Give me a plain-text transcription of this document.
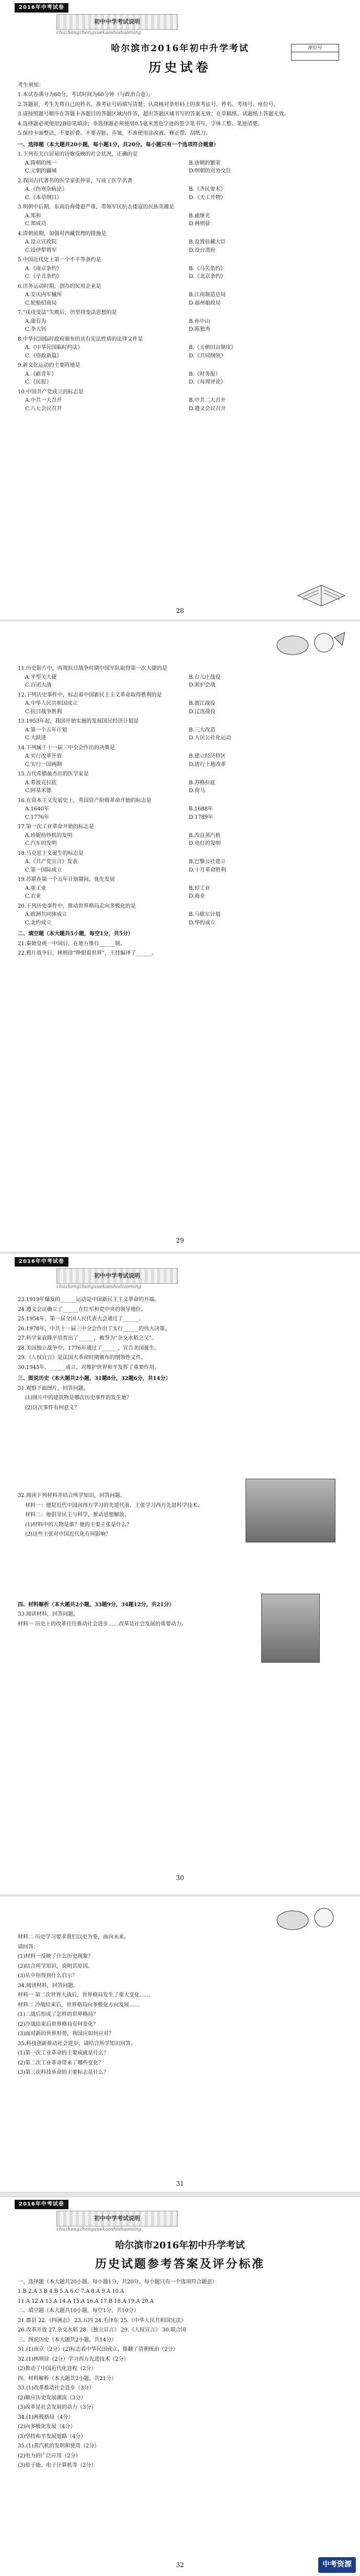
2016年中考试卷
初中中学考试说明
chuzhongzhongxuekaoshishuoming
座位号
哈尔滨市2016年初中升学考试
历史试卷

考生须知：

1.本试卷满分为60分，考试时间为60分钟（与政治合卷）。

2.答题前，考生先将自己的姓名、准考证号码填写清楚；认真核对条形码上的准考证号、姓名、考场号、座位号。

3.请按照题号顺序在答题卡各题目的答题区域内作答，超出答题区域书写的答案无效；在草稿纸、试题纸上答题无效。

4.选择题必须使用2B铅笔填涂；非选择题必须使用0.5毫米黑色字迹的签字笔书写，字体工整、笔迹清楚。

5.保持卡面整洁，不要折叠、不要弄脏、弄皱，不准使用涂改液、修正带、刮纸刀。

一、选择题（本大题共20小题，每小题1分，共20分。每小题只有一个选项符合题意）
1.下列有关白居易的诗歌反映的社会状况，正确的是
A.隋朝的统一	B.唐朝的繁荣
C.元朝的疆域	D.明朝的对外交往
2.我国古代著名的医学家张仲景，写成了医学名著
A.《伤寒杂病论》	B.《齐民要术》
C.《本草纲目》	D.《天工开物》
3.明朝中后期，东南沿海倭患严重，带领军民抗击倭寇的民族英雄是
A.郑和	B.戚继光
C.郑成功	D.林则徐
4.清朝前期，加强对西藏管理的措施是
A.设立宣政院	B.设置驻藏大臣
C.设伊犁将军	D.设台湾府
5.中国近代史上第一个不平等条约是
A.《南京条约》	B.《马关条约》
C.《辛丑条约》	D.《北京条约》
6.洋务运动时期，创办的民用企业是
A.安庆内军械所	B.江南制造总局
C.轮船招商局	D.福州船政局
7.“戊戌变法”失败后，仍坚持变法思想的是
A.康有为	B.孙中山
C.李大钊	D.陈独秀
8.中华民国临时政府颁布的具有宪法性质的法律文件是
A.《中华民国临时约法》	B.《天朝田亩制度》
C.《资政新篇》	D.《共同纲领》
9.新文化运动的主要阵地是
A.《新青年》	B.《时务报》
C.《民报》	D.《每周评论》
10.中国共产党成立的标志是
A.中共一大召开	B.中共二大召开
C.八七会议召开	D.遵义会议召开
28
11.历史影片中，再现抗日战争时期中国军队取得第一次大捷的是
A.平型关大捷	B.台儿庄战役
C.百团大战	D.淞沪会战
12.下列历史事件中，标志着中国新民主主义革命取得胜利的是
A.中华人民共和国成立	B.渡江战役
C.抗日战争胜利	D.辽沈战役
13.1953年起，我国开始实施的发展国民经济计划是
A.第一个五年计划	B.三大改造
C.大跃进	D.人民公社化运动
14.下列属于十一届三中全会作出的决策是
A.实行改革开放	B.建立经济特区
C.实行一国两制	D.进行土地改革
15.古代希腊最杰出的医学家是
A.希波克拉底	B.苏格拉底
C.阿基米德	D.荷马
16.在资本主义发展史上，英国资产阶级革命开始的标志是
A.1640年	B.1688年
C.1776年	D.1789年
17.第一次工业革命开始的标志是
A.珍妮纺纱机的发明	B.改良蒸汽机
C.汽车的发明	D.电灯的发明
18.马克思主义诞生的标志是
A.《共产党宣言》发表	B.巴黎公社建立
C.第一国际成立	D.十月革命胜利
19.苏联在第一个五年计划期间，优先发展
A.重工业	B.轻工业
C.农业	D.商业
20.下列历史事件中，推动世界格局走向多极化的是
A.欧洲共同体成立	B.马歇尔计划
C.北约成立	D.华约成立
二、填空题（本大题共5小题，每空1分，共5分）

21.秦始皇统一中国后，在地方推行______制。

22.鸦片战争后，林则徐“睁眼看世界”，主持编译了______。

29
2016年中考试卷
初中中学考试说明
chuzhongzhongxuekaoshishuoming

23.1919年爆发的______运动是中国新民主主义革命的开端。

24.遵义会议确立了______在红军和党中央的领导地位。

25.1954年，第一届全国人民代表大会通过了______。

26.1978年，中共十一届三中全会作出了实行______的伟大决策。

27.科学家袁隆平培育出了______，被誉为“杂交水稻之父”。

28.美国独立战争中，1776年通过了______，宣告美国诞生。

29.《人权宣言》是法国大革命时期颁布的纲领性文件。

30.1945年，______成立，对维护世界和平发挥了重要作用。

三、图说历史（本大题共2小题，31题8分，32题6分，共14分）

31.观察下面图片，回答问题。

(1)图片中的建筑物是哪次历史事件的发生地？

(2)这次事件有何意义？

32.阅读下列材料并结合所学知识，回答问题。

材料一：他是近代中国向西方学习的先进代表，主张学习西方先进科学技术。

材料二：他倡导民主与科学，推动思想解放。

(1)材料中的人物是谁？他的主要主张是什么？

(2)这些主张对中国近代化有何影响？

四、材料解析（本大题共2小题，33题9分，34题12分，共21分）

33.阅读材料，回答问题。

材料一 历史上的改革往往推动社会进步……改革是社会发展的重要动力。

30

材料二 历史学习要求我们以史为鉴，面向未来。

请回答：

(1)材料一反映了什么历史现象？

(2)结合所学知识，说明其原因。

(3)从中你得到什么启示？

34.阅读材料，回答问题。

材料一 第二次世界大战后，世界格局发生了重大变化……

材料二 冷战结束后，世界格局向多极化方向发展……

(1)二战后形成了怎样的世界格局？

(2)冷战结束后世界格局有何变化？

(3)面对新的世界形势，我国应如何应对？

35.科技创新推动社会进步，请结合所学知识回答。

(1)第一次工业革命的主要成就是什么？

(2)第二次工业革命带来了哪些变化？

(3)第三次科技革命的主要标志是什么？

31
2016年中考试卷
初中中学考试说明
chuzhongzhongxuekaoshishuoming
哈尔滨市2016年初中升学考试
历史试题参考答案及评分标准

一、选择题（本大题共20小题，每小题1分，共20分。每小题只有一个选项符合题意）

1.B 2.A 3.B 4.B 5.A 6.C 7.A 8.A 9.A 10.A

11.A 12.A 13.A 14.A 15.A 16.A 17.B 18.A 19.A 20.A

二、填空题（本大题共10小题，每空1分，共10分）

21.郡县 22.《四洲志》 23.五四 24.毛泽东 25.《中华人民共和国宪法》

26.改革开放 27.杂交水稻 28.《独立宣言》 29.《人权宣言》 30.联合国

三、图说历史（本大题共2小题，共14分）

31.(1)南京（2分）(2)标志着中华民国成立，推翻了清朝统治（2分）

32.(1)林则徐（2分）学习西方先进技术（2分）

(2)推动了中国近代化进程（2分）

四、材料解析（本大题共2小题，共21分）

33.(1)改革推动社会进步（3分）

(2)顺应历史发展潮流（3分）

(3)改革是社会发展的动力（3分）

34.(1)两极格局（4分）

(2)向多极化发展（4分）

(3)坚持和平发展道路（4分）

35.(1)蒸汽机的发明和使用（2分）

(2)电力的广泛应用（2分）

(3)原子能、电子计算机等（2分）

32	中考资源
